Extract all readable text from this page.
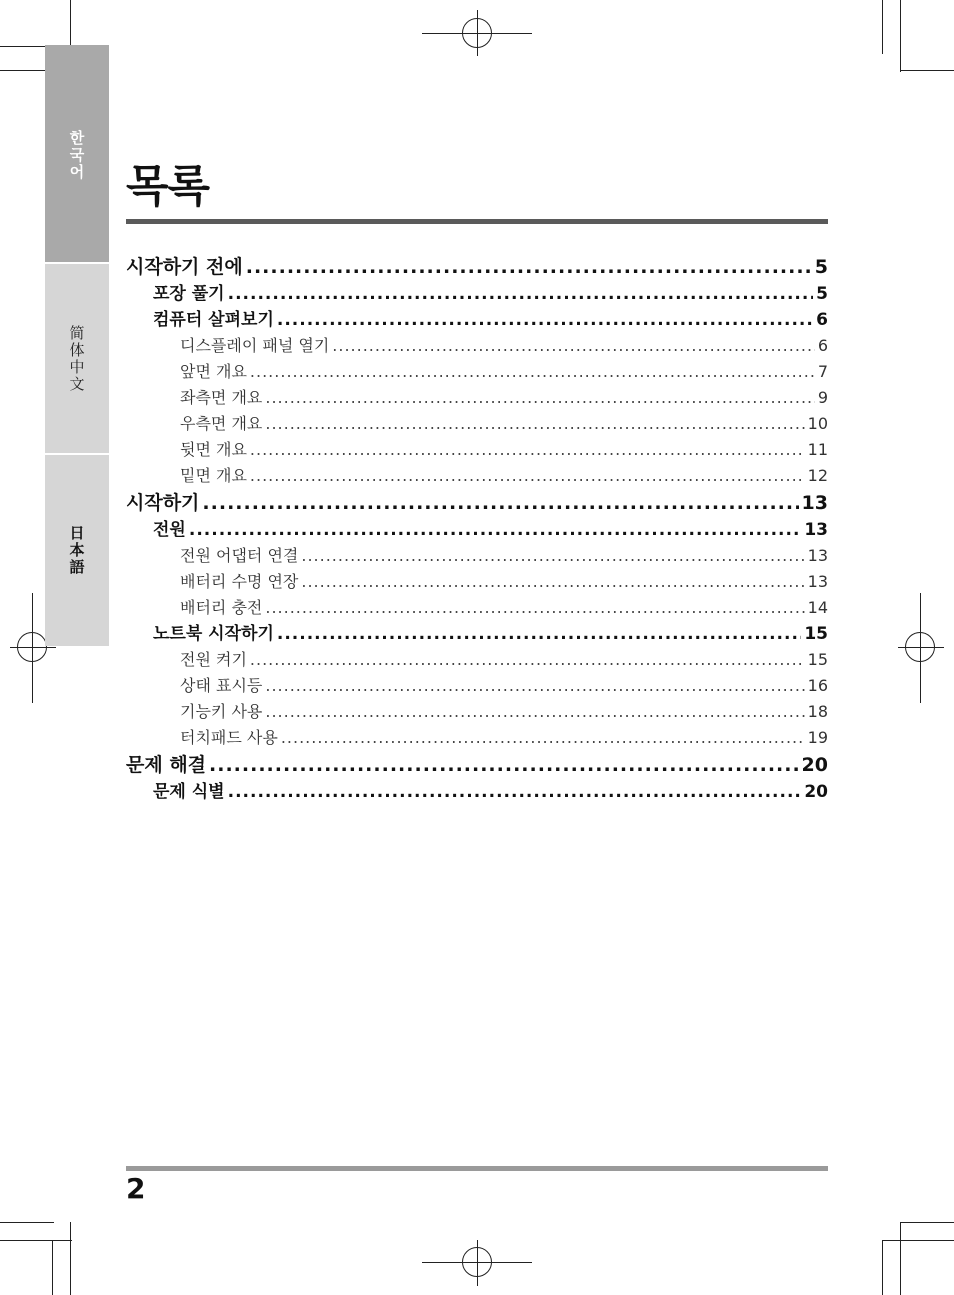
한국어
简体中文
日本語
목록
시작하기 전에 .....	5
포장 풀기 .....	5
컴퓨터 살펴보기 .....	6
디스플레이 패널 열기 .....	6
앞면 개요 .....	7
좌측면 개요 .....	9
우측면 개요 .....	10
뒷면 개요 .....	11
밑면 개요 .....	12
시작하기 .....	13
전원 .....	13
전원 어댑터 연결 .....	13
배터리 수명 연장 .....	13
배터리 충전 .....	14
노트북 시작하기 .....	15
전원 켜기 .....	15
상태 표시등 .....	16
기능키 사용 .....	18
터치패드 사용 .....	19
문제 해결 .....	20
문제 식별 .....	20
2
